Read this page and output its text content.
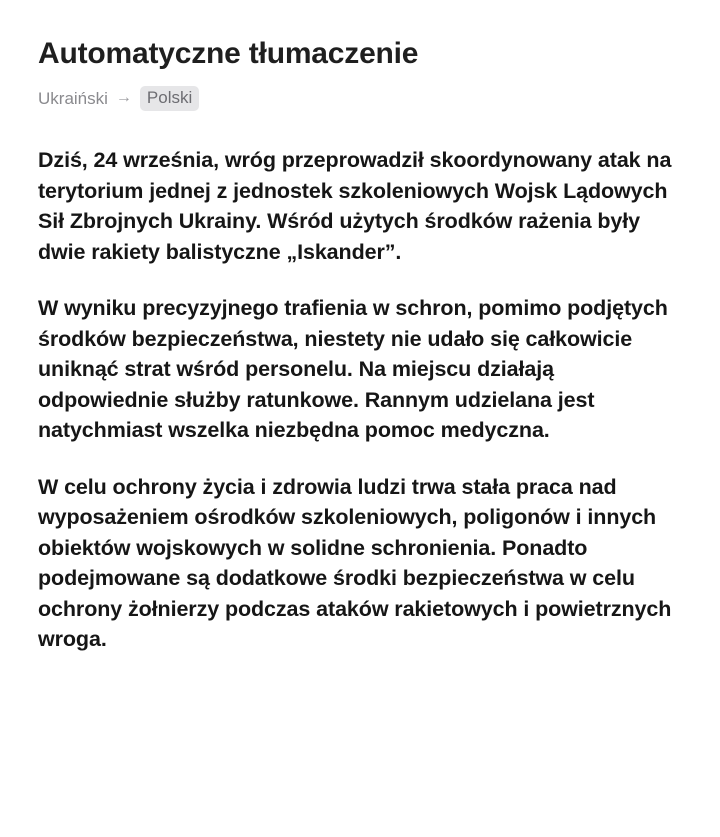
Automatyczne tłumaczenie
Ukraiński → Polski

Dziś, 24 września, wróg przeprowadził skoordynowany atak na terytorium jednej z jednostek szkoleniowych Wojsk Lądowych Sił Zbrojnych Ukrainy. Wśród użytych środków rażenia były dwie rakiety balistyczne „Iskander”.

W wyniku precyzyjnego trafienia w schron, pomimo podjętych środków bezpieczeństwa, niestety nie udało się całkowicie uniknąć strat wśród personelu. Na miejscu działają odpowiednie służby ratunkowe. Rannym udzielana jest natychmiast wszelka niezbędna pomoc medyczna.

W celu ochrony życia i zdrowia ludzi trwa stała praca nad wyposażeniem ośrodków szkoleniowych, poligonów i innych obiektów wojskowych w solidne schronienia. Ponadto podejmowane są dodatkowe środki bezpieczeństwa w celu ochrony żołnierzy podczas ataków rakietowych i powietrznych wroga.
